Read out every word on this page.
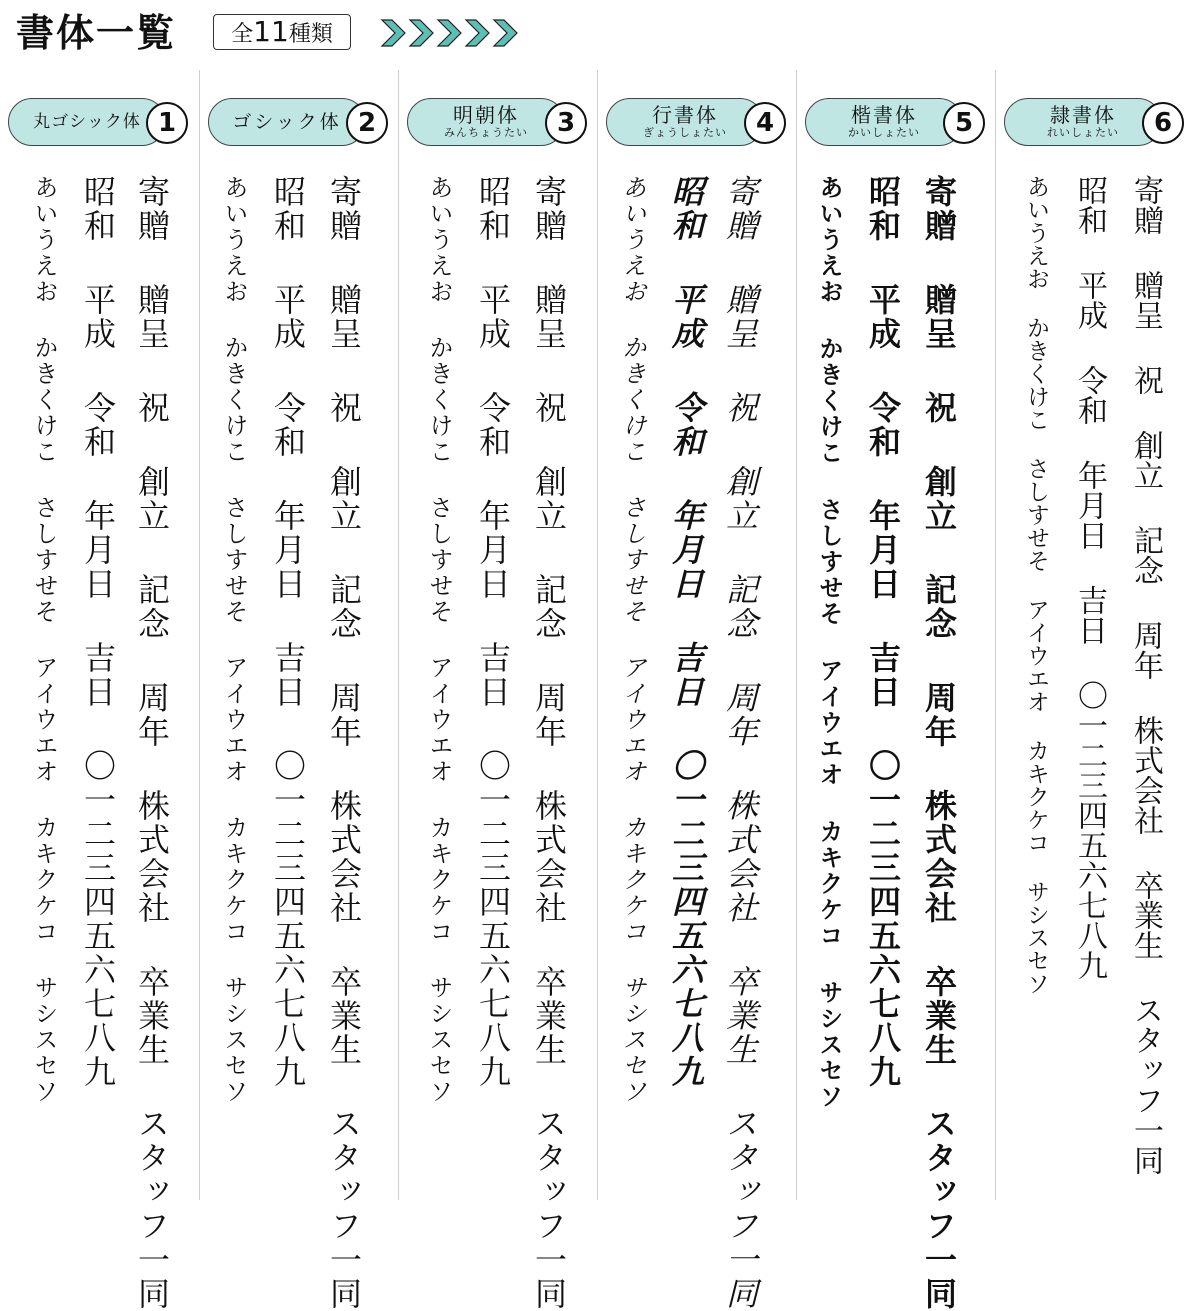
書体一覧	全11種類
丸ゴシック体 1
寄贈 贈呈 祝 創立 記念 周年 株式会社 卒業生 スタッフ一同
昭和 平成 令和 年月日 吉日 〇一二三四五六七八九
あいうえお かきくけこ さしすせそ アイウエオ カキクケコ サシスセソ
ゴシック体 2
寄贈 贈呈 祝 創立 記念 周年 株式会社 卒業生 スタッフ一同
昭和 平成 令和 年月日 吉日 〇一二三四五六七八九
あいうえお かきくけこ さしすせそ アイウエオ カキクケコ サシスセソ
明朝体
みんちょうたい	3
寄贈 贈呈 祝 創立 記念 周年 株式会社 卒業生 スタッフ一同
昭和 平成 令和 年月日 吉日 〇一二三四五六七八九
あいうえお かきくけこ さしすせそ アイウエオ カキクケコ サシスセソ
行書体
ぎょうしょたい	4
寄贈 贈呈 祝 創立 記念 周年 株式会社 卒業生 スタッフ一同
昭和 平成 令和 年月日 吉日 〇一二三四五六七八九
あいうえお かきくけこ さしすせそ アイウエオ カキクケコ サシスセソ
楷書体
かいしょたい	5
寄贈 贈呈 祝 創立 記念 周年 株式会社 卒業生 スタッフ一同
昭和 平成 令和 年月日 吉日 〇一二三四五六七八九
あいうえお かきくけこ さしすせそ アイウエオ カキクケコ サシスセソ
隷書体
れいしょたい	6
寄贈 贈呈 祝 創立 記念 周年 株式会社 卒業生 スタッフ一同
昭和 平成 令和 年月日 吉日 〇一二三四五六七八九
あいうえお かきくけこ さしすせそ アイウエオ カキクケコ サシスセソ
